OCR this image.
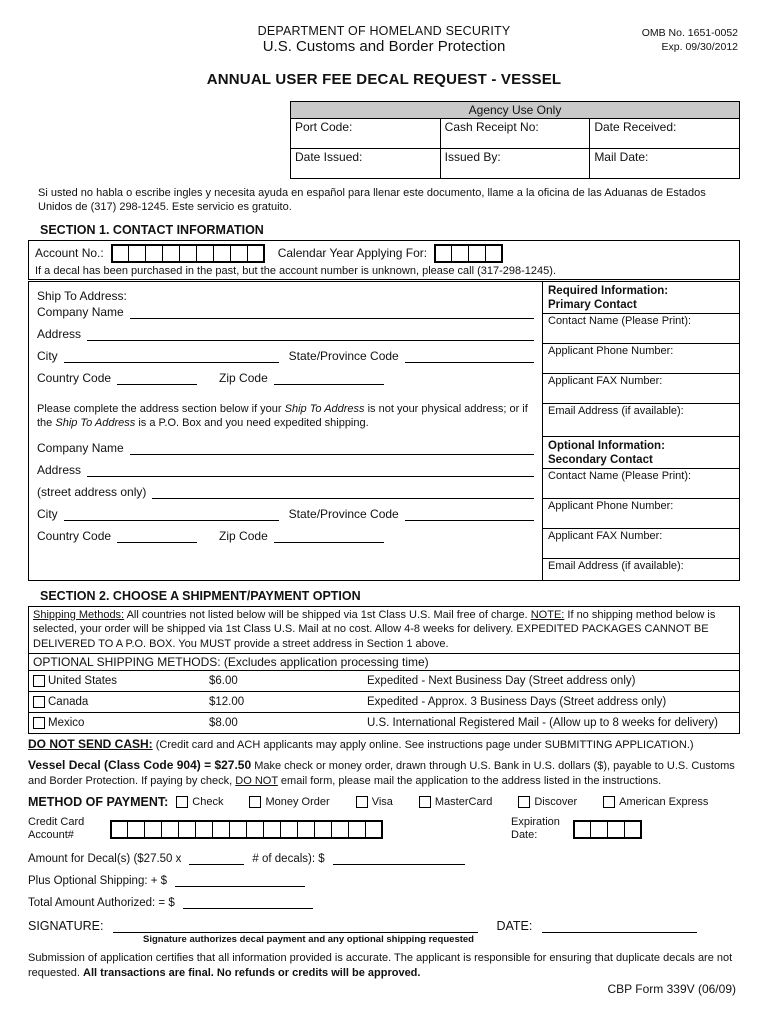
DEPARTMENT OF HOMELAND SECURITY
U.S. Customs and Border Protection
OMB No. 1651-0052
Exp. 09/30/2012
ANNUAL USER FEE DECAL REQUEST - VESSEL
Agency Use Only		
Port Code:	Cash Receipt No:	Date Received:
Date Issued:	Issued By:	Mail Date:
Si usted no habla o escribe ingles y necesita ayuda en español para llenar este documento, llame a la oficina de las Aduanas de Estados Unidos de (317) 298-1245. Este servicio es gratuito.
SECTION 1. CONTACT INFORMATION
Account No.:	Calendar Year Applying For:
If a decal has been purchased in the past, but the account number is unknown, please call (317-298-1245).
Ship To Address:
Company Name
Address
City	State/Province Code
Country Code	Zip Code
Please complete the address section below if your Ship To Address is not your physical address; or if the Ship To Address is a P.O. Box and you need expedited shipping.
Company Name
Address
(street address only)
City	State/Province Code
Country Code	Zip Code
Required Information:
Primary Contact
Contact Name (Please Print):
Applicant Phone Number:
Applicant FAX Number:
Email Address (if available):
Optional Information:
Secondary Contact
Contact Name (Please Print):
Applicant Phone Number:
Applicant FAX Number:
Email Address (if available):
SECTION 2. CHOOSE A SHIPMENT/PAYMENT OPTION
Shipping Methods: All countries not listed below will be shipped via 1st Class U.S. Mail free of charge. NOTE: If no shipping method below is selected, your order will be shipped via 1st Class U.S. Mail at no cost. Allow 4-8 weeks for delivery. EXPEDITED PACKAGES CANNOT BE DELIVERED TO A P.O. BOX. You MUST provide a street address in Section 1 above.
OPTIONAL SHIPPING METHODS: (Excludes application processing time)
United States	$6.00	Expedited - Next Business Day (Street address only)
Canada	$12.00	Expedited - Approx. 3 Business Days (Street address only)
Mexico	$8.00	U.S. International Registered Mail - (Allow up to 8 weeks for delivery)
DO NOT SEND CASH: (Credit card and ACH applicants may apply online. See instructions page under SUBMITTING APPLICATION.)
Vessel Decal (Class Code 904) = $27.50 Make check or money order, drawn through U.S. Bank in U.S. dollars ($), payable to U.S. Customs and Border Protection. If paying by check, DO NOT email form, please mail the application to the address listed in the instructions.
METHOD OF PAYMENT: Check	Money Order	Visa	MasterCard	Discover	American Express
Credit Card
Account#
Expiration
Date:
Amount for Decal(s) ($27.50 x	# of decals): $
Plus Optional Shipping: + $
Total Amount Authorized: = $
SIGNATURE:	DATE:
Signature authorizes decal payment and any optional shipping requested
Submission of application certifies that all information provided is accurate. The applicant is responsible for ensuring that duplicate decals are not requested. All transactions are final. No refunds or credits will be approved.
CBP Form 339V (06/09)
